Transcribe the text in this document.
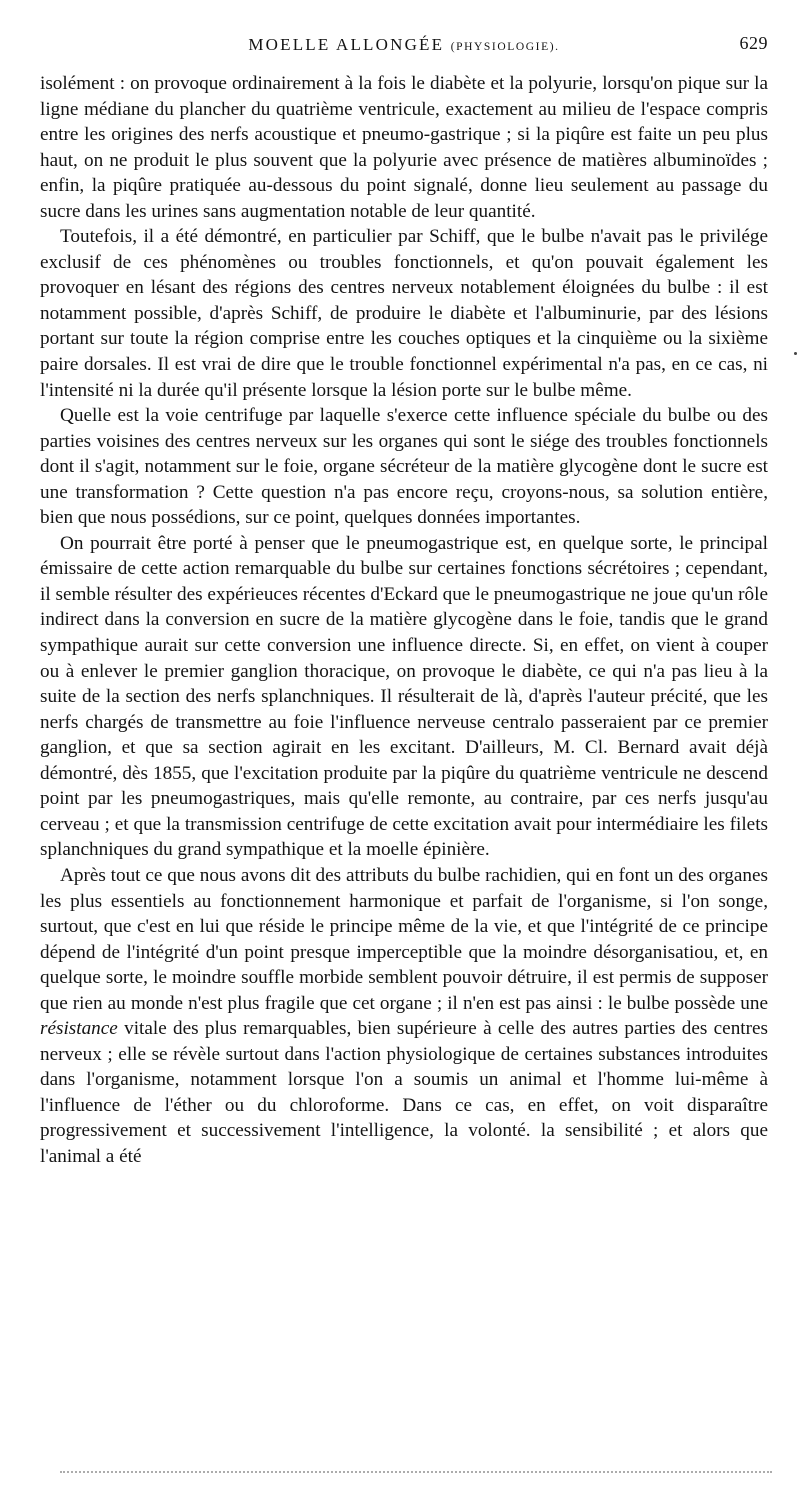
MOELLE ALLONGÉE (PHYSIOLOGIE).	629

isolément : on provoque ordinairement à la fois le diabète et la polyurie, lorsqu'on pique sur la ligne médiane du plancher du quatrième ventricule, exactement au milieu de l'espace compris entre les origines des nerfs acoustique et pneumo-gastrique ; si la piqûre est faite un peu plus haut, on ne produit le plus souvent que la polyurie avec présence de matières albuminoïdes ; enfin, la piqûre pratiquée au-dessous du point signalé, donne lieu seulement au passage du sucre dans les urines sans augmentation notable de leur quantité.

Toutefois, il a été démontré, en particulier par Schiff, que le bulbe n'avait pas le privilége exclusif de ces phénomènes ou troubles fonctionnels, et qu'on pouvait également les provoquer en lésant des régions des centres nerveux notablement éloignées du bulbe : il est notamment possible, d'après Schiff, de produire le diabète et l'albuminurie, par des lésions portant sur toute la région comprise entre les couches optiques et la cinquième ou la sixième paire dorsales. Il est vrai de dire que le trouble fonctionnel expérimental n'a pas, en ce cas, ni l'intensité ni la durée qu'il présente lorsque la lésion porte sur le bulbe même.

Quelle est la voie centrifuge par laquelle s'exerce cette influence spéciale du bulbe ou des parties voisines des centres nerveux sur les organes qui sont le siége des troubles fonctionnels dont il s'agit, notamment sur le foie, organe sécréteur de la matière glycogène dont le sucre est une transformation ? Cette question n'a pas encore reçu, croyons-nous, sa solution entière, bien que nous possédions, sur ce point, quelques données importantes.

On pourrait être porté à penser que le pneumogastrique est, en quelque sorte, le principal émissaire de cette action remarquable du bulbe sur certaines fonctions sécrétoires ; cependant, il semble résulter des expérieuces récentes d'Eckard que le pneumogastrique ne joue qu'un rôle indirect dans la conversion en sucre de la matière glycogène dans le foie, tandis que le grand sympathique aurait sur cette conversion une influence directe. Si, en effet, on vient à couper ou à enlever le premier ganglion thoracique, on provoque le diabète, ce qui n'a pas lieu à la suite de la section des nerfs splanchniques. Il résulterait de là, d'après l'auteur précité, que les nerfs chargés de transmettre au foie l'influence nerveuse centralo passeraient par ce premier ganglion, et que sa section agirait en les excitant. D'ailleurs, M. Cl. Bernard avait déjà démontré, dès 1855, que l'excitation produite par la piqûre du quatrième ventricule ne descend point par les pneumogastriques, mais qu'elle remonte, au contraire, par ces nerfs jusqu'au cerveau ; et que la transmission centrifuge de cette excitation avait pour intermédiaire les filets splanchniques du grand sympathique et la moelle épinière.

Après tout ce que nous avons dit des attributs du bulbe rachidien, qui en font un des organes les plus essentiels au fonctionnement harmonique et parfait de l'organisme, si l'on songe, surtout, que c'est en lui que réside le principe même de la vie, et que l'intégrité de ce principe dépend de l'intégrité d'un point presque imperceptible que la moindre désorganisatiou, et, en quelque sorte, le moindre souffle morbide semblent pouvoir détruire, il est permis de supposer que rien au monde n'est plus fragile que cet organe ; il n'en est pas ainsi : le bulbe possède une résistance vitale des plus remarquables, bien supérieure à celle des autres parties des centres nerveux ; elle se révèle surtout dans l'action physiologique de certaines substances introduites dans l'organisme, notamment lorsque l'on a soumis un animal et l'homme lui-même à l'influence de l'éther ou du chloroforme. Dans ce cas, en effet, on voit disparaître progressivement et successivement l'intelligence, la volonté. la sensibilité ; et alors que l'animal a été
